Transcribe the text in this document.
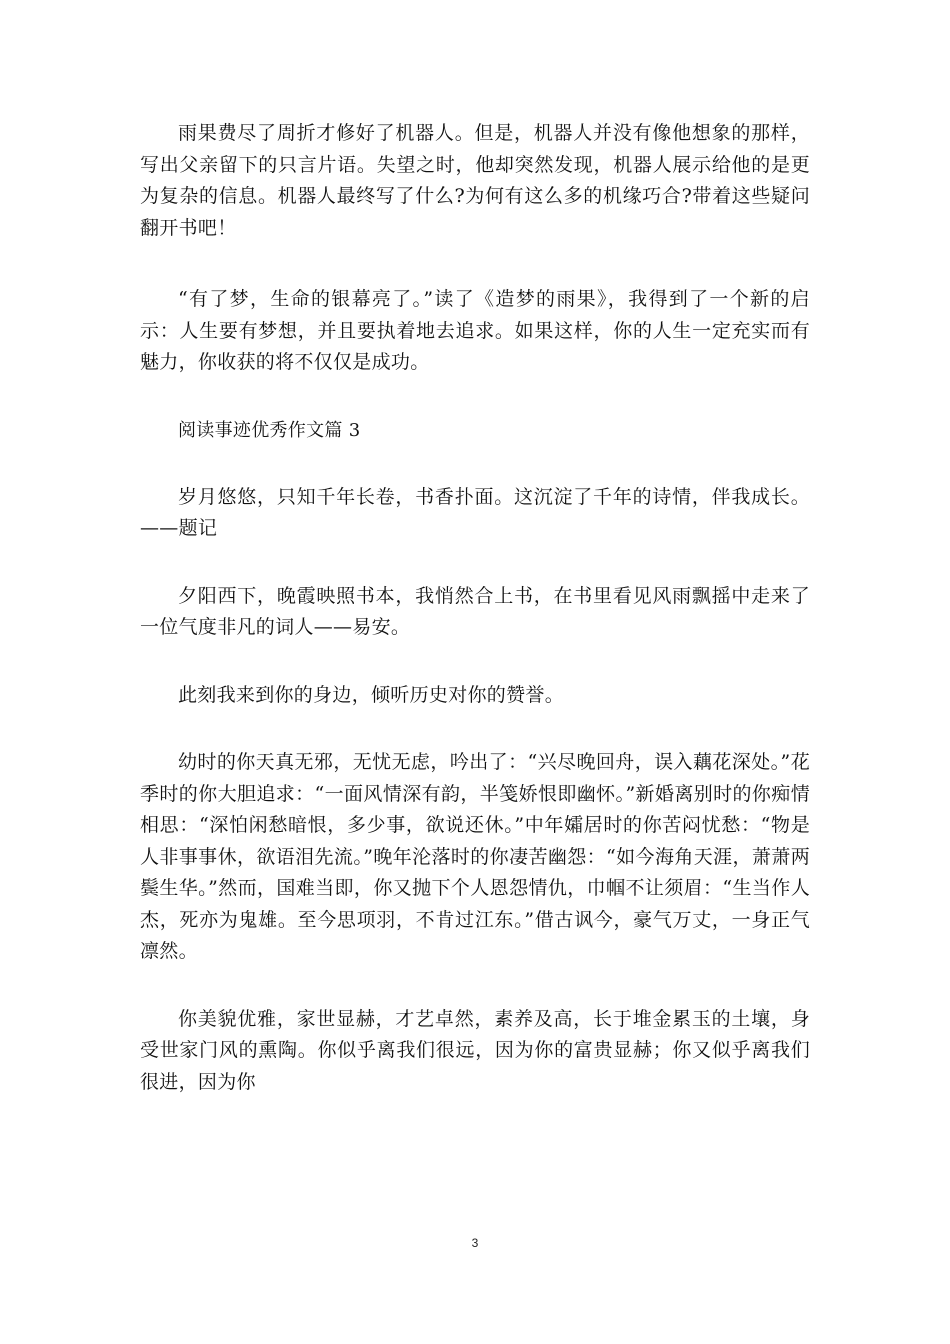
雨果费尽了周折才修好了机器人。但是，机器人并没有像他想象的那样，写出父亲留下的只言片语。失望之时，他却突然发现，机器人展示给他的是更为复杂的信息。机器人最终写了什么?为何有这么多的机缘巧合?带着这些疑问翻开书吧！

“有了梦，生命的银幕亮了。”读了《造梦的雨果》，我得到了一个新的启示：人生要有梦想，并且要执着地去追求。如果这样，你的人生一定充实而有魅力，你收获的将不仅仅是成功。

阅读事迹优秀作文篇 3

岁月悠悠，只知千年长卷，书香扑面。这沉淀了千年的诗情，伴我成长。——题记

夕阳西下，晚霞映照书本，我悄然合上书，在书里看见风雨飘摇中走来了一位气度非凡的词人——易安。

此刻我来到你的身边，倾听历史对你的赞誉。

幼时的你天真无邪，无忧无虑，吟出了：“兴尽晚回舟，误入藕花深处。”花季时的你大胆追求：“一面风情深有韵，半笺娇恨即幽怀。”新婚离别时的你痴情相思：“深怕闲愁暗恨，多少事，欲说还休。”中年孀居时的你苦闷忧愁：“物是人非事事休，欲语泪先流。”晚年沦落时的你凄苦幽怨：“如今海角天涯，萧萧两鬓生华。”然而，国难当即，你又抛下个人恩怨情仇，巾帼不让须眉：“生当作人杰，死亦为鬼雄。至今思项羽，不肯过江东。”借古讽今，豪气万丈，一身正气凛然。

你美貌优雅，家世显赫，才艺卓然，素养及高，长于堆金累玉的土壤，身受世家门风的熏陶。你似乎离我们很远，因为你的富贵显赫；你又似乎离我们很进，因为你

3
